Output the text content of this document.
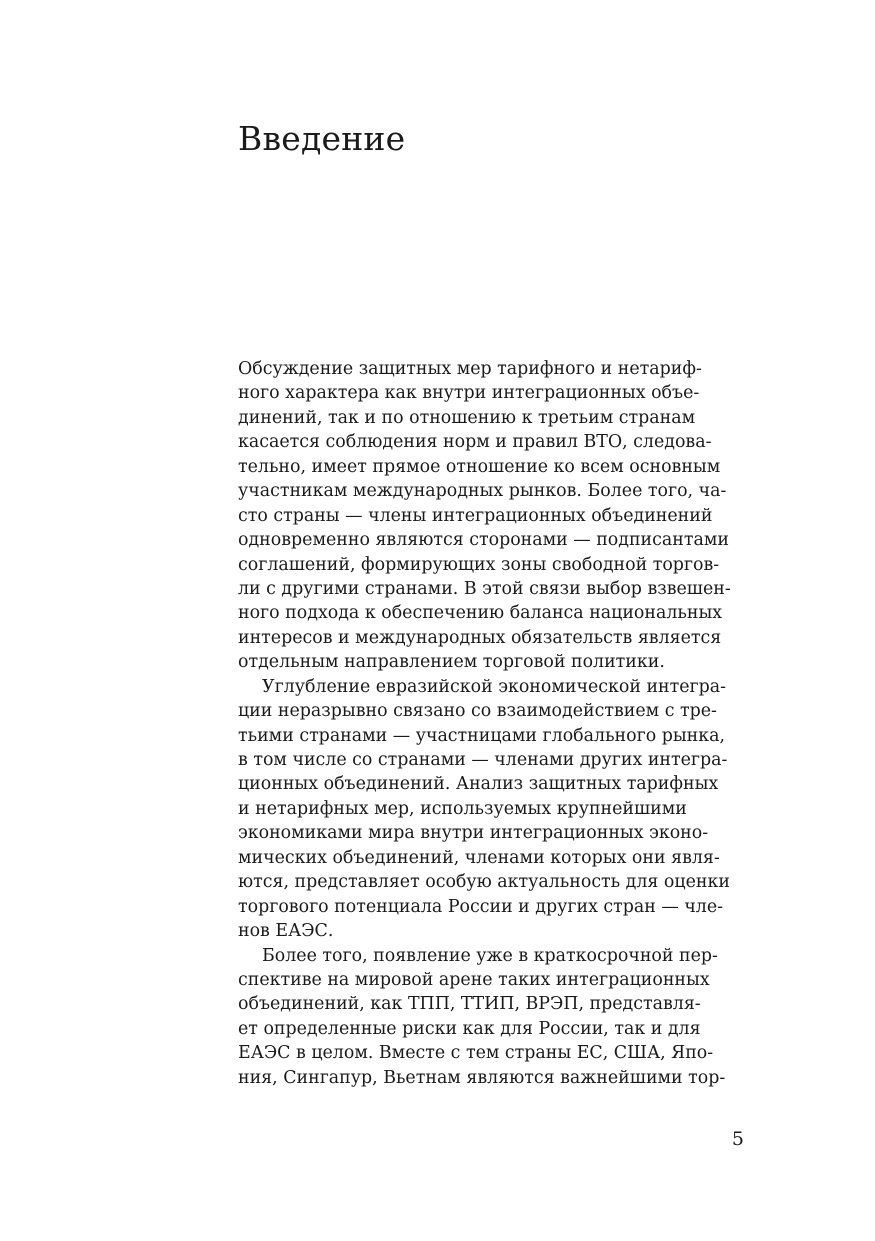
Введение
Обсуждение защитных мер тарифного и нетариф-
ного характера как внутри интеграционных объе-
динений, так и по отношению к третьим странам
касается соблюдения норм и правил ВТО, следова-
тельно, имеет прямое отношение ко всем основным
участникам международных рынков. Более того, ча-
сто страны — члены интеграционных объединений
одновременно являются сторонами — подписантами
соглашений, формирующих зоны свободной торгов-
ли с другими странами. В этой связи выбор взвешен-
ного подхода к обеспечению баланса национальных
интересов и международных обязательств является
отдельным направлением торговой политики.
Углубление евразийской экономической интегра-
ции неразрывно связано со взаимодействием с тре-
тьими странами — участницами глобального рынка,
в том числе со странами — членами других интегра-
ционных объединений. Анализ защитных тарифных
и нетарифных мер, используемых крупнейшими
экономиками мира внутри интеграционных эконо-
мических объединений, членами которых они явля-
ются, представляет особую актуальность для оценки
торгового потенциала России и других стран — чле-
нов ЕАЭС.
Более того, появление уже в краткосрочной пер-
спективе на мировой арене таких интеграционных
объединений, как ТПП, ТТИП, ВРЭП, представля-
ет определенные риски как для России, так и для
ЕАЭС в целом. Вместе с тем страны ЕС, США, Япо-
ния, Сингапур, Вьетнам являются важнейшими тор-
5
